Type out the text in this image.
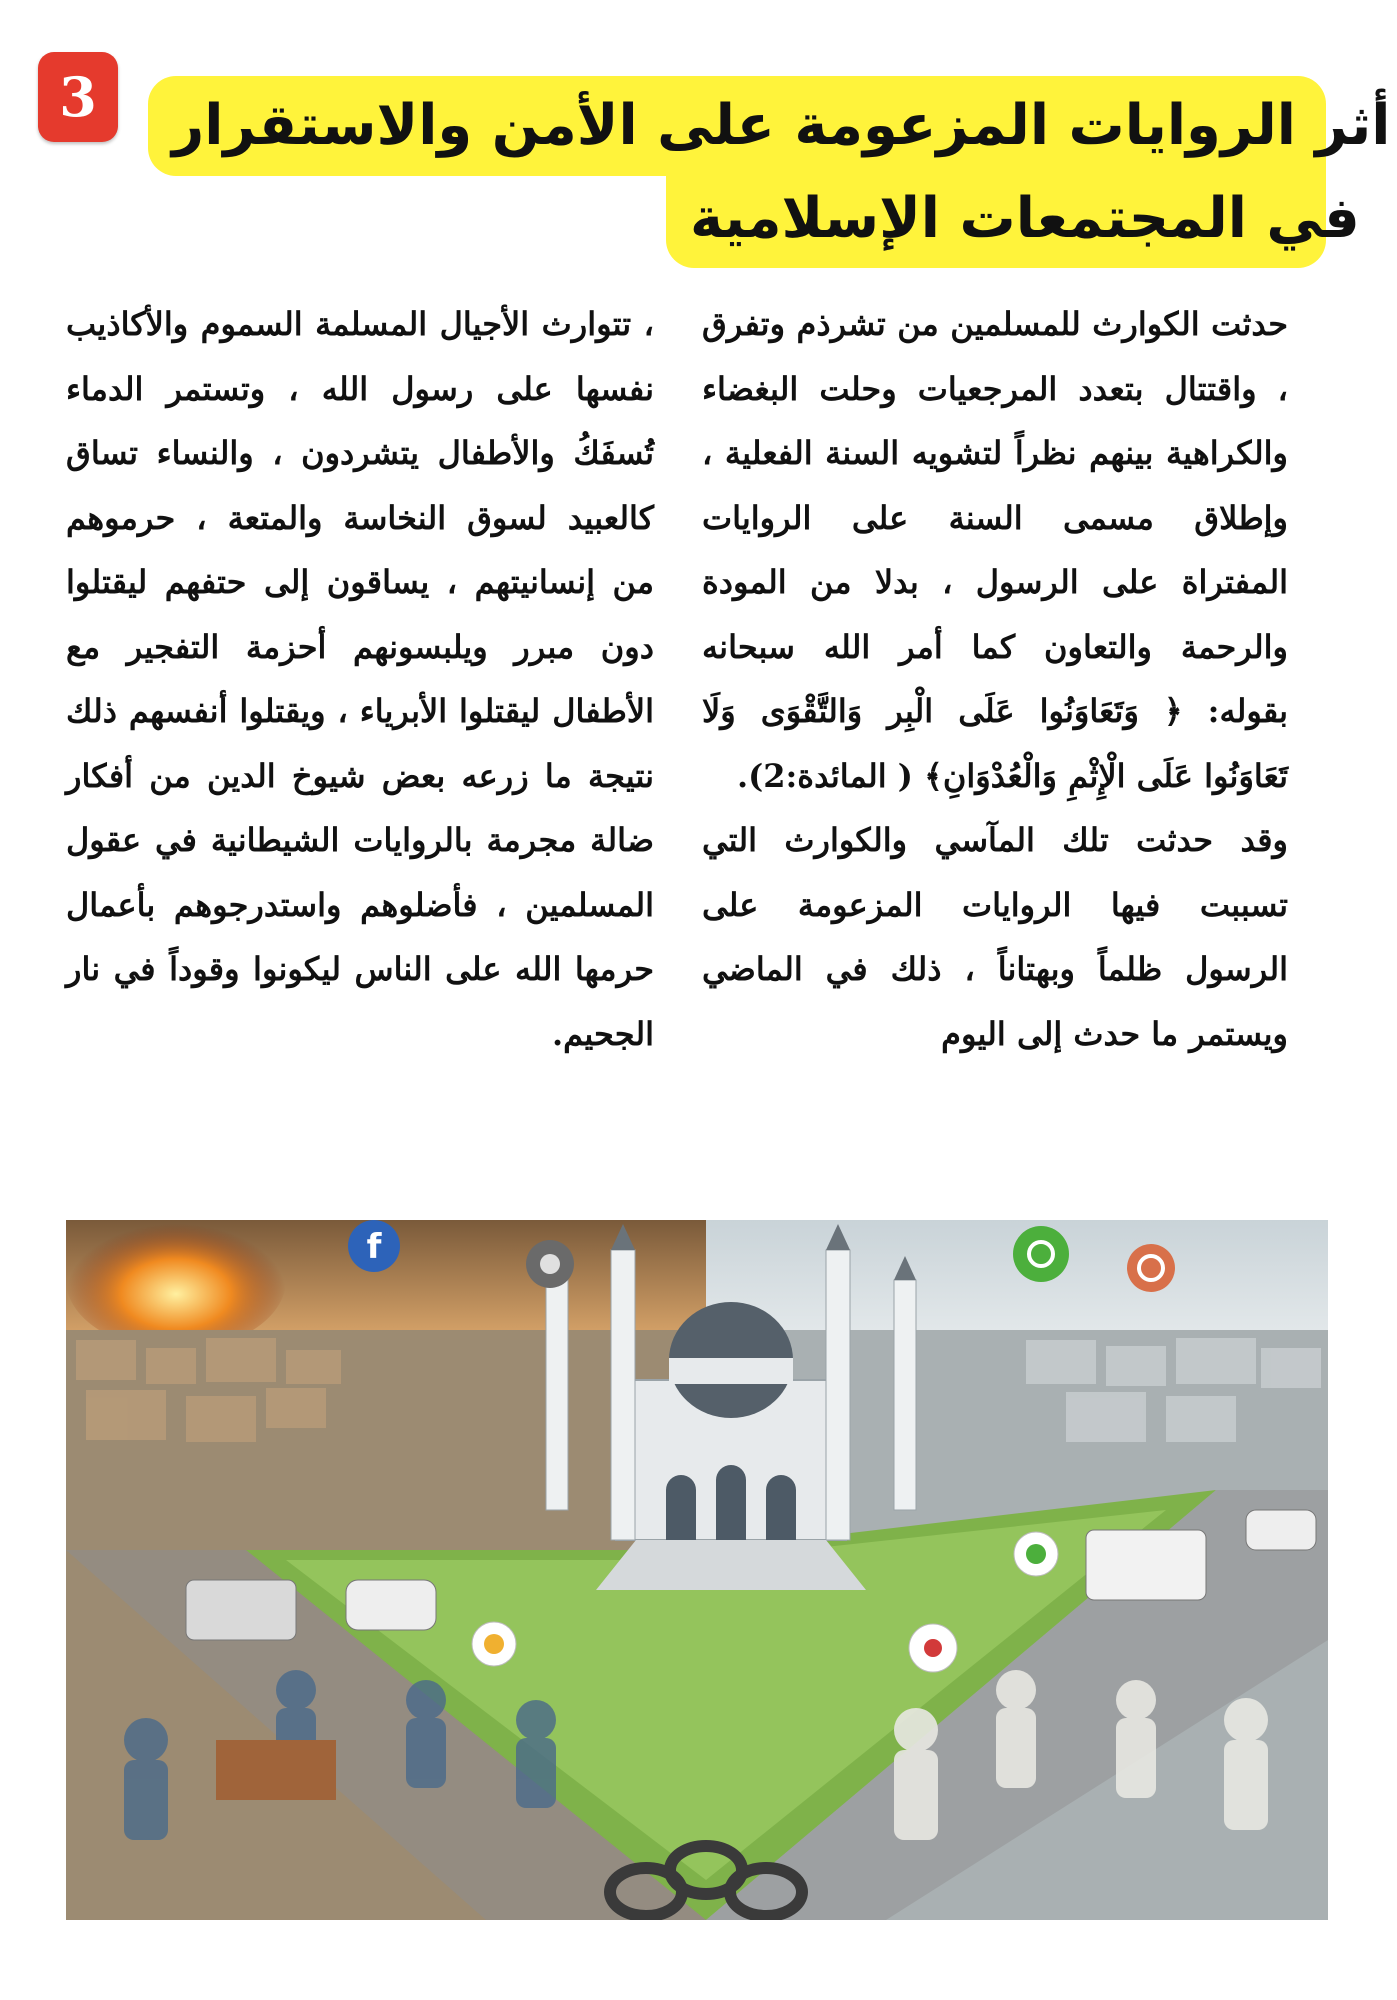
3	أثر الروايات المزعومة على الأمن والاستقرار
في المجتمعات الإسلامية

حدثت الكوارث للمسلمين من تشرذم وتفرق ، واقتتال بتعدد المرجعيات وحلت البغضاء والكراهية بينهم نظراً لتشويه السنة الفعلية ، وإطلاق مسمى السنة على الروايات المفتراة على الرسول ، بدلا من المودة والرحمة والتعاون كما أمر الله سبحانه بقوله: ﴿ وَتَعَاوَنُوا عَلَى الْبِر وَالتَّقْوَى وَلَا تَعَاوَنُوا عَلَى الْإِثْمِ وَالْعُدْوَانِ﴾ ( المائدة:2).

وقد حدثت تلك المآسي والكوارث التي تسببت فيها الروايات المزعومة على الرسول ظلماً وبهتاناً ، ذلك في الماضي ويستمر ما حدث إلى اليوم

، تتوارث الأجيال المسلمة السموم والأكاذيب نفسها على رسول الله ، وتستمر الدماء تُسفَكُ والأطفال يتشردون ، والنساء تساق كالعبيد لسوق النخاسة والمتعة ، حرموهم من إنسانيتهم ، يساقون إلى حتفهم ليقتلوا دون مبرر ويلبسونهم أحزمة التفجير مع الأطفال ليقتلوا الأبرياء ، ويقتلوا أنفسهم ذلك نتيجة ما زرعه بعض شيوخ الدين من أفكار ضالة مجرمة بالروايات الشيطانية في عقول المسلمين ، فأضلوهم واستدرجوهم بأعمال حرمها الله على الناس ليكونوا وقوداً في نار الجحيم.

f
